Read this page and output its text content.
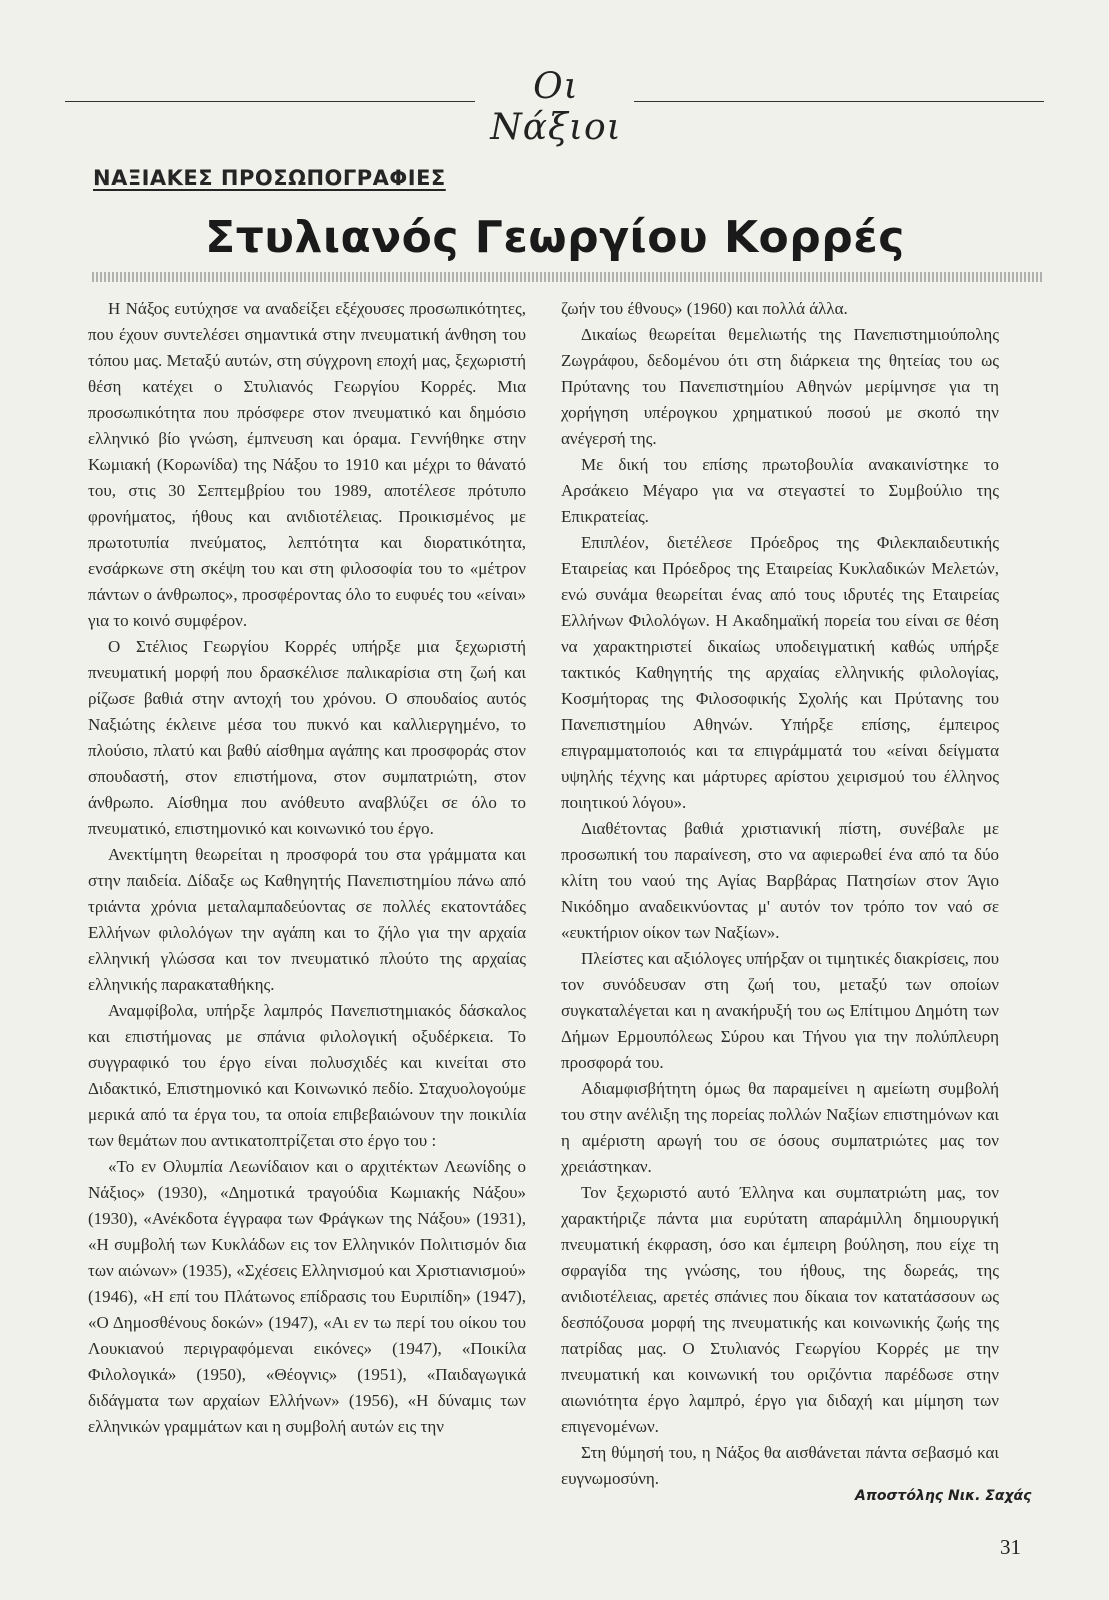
Οι Νάξιοι
ΝΑΞΙΑΚΕΣ ΠΡΟΣΩΠΟΓΡΑΦΙΕΣ
Στυλιανός Γεωργίου Κορρές

Η Νάξος ευτύχησε να αναδείξει εξέχουσες προσωπικότητες, που έχουν συντελέσει σημαντικά στην πνευματική άνθηση του τόπου μας. Μεταξύ αυτών, στη σύγχρονη εποχή μας, ξεχωριστή θέση κατέχει ο Στυλιανός Γεωργίου Κορρές. Μια προσωπικότητα που πρόσφερε στον πνευματικό και δημόσιο ελληνικό βίο γνώση, έμπνευση και όραμα. Γεννήθηκε στην Κωμιακή (Κορωνίδα) της Νάξου το 1910 και μέχρι το θάνατό του, στις 30 Σεπτεμβρίου του 1989, αποτέλεσε πρότυπο φρονήματος, ήθους και ανιδιοτέλειας. Προικισμένος με πρωτοτυπία πνεύματος, λεπτότητα και διορατικότητα, ενσάρκωνε στη σκέψη του και στη φιλοσοφία του το «μέτρον πάντων ο άνθρωπος», προσφέροντας όλο το ευφυές του «είναι» για το κοινό συμφέρον.

Ο Στέλιος Γεωργίου Κορρές υπήρξε μια ξεχωριστή πνευματική μορφή που δρασκέλισε παλικαρίσια στη ζωή και ρίζωσε βαθιά στην αντοχή του χρόνου. Ο σπουδαίος αυτός Ναξιώτης έκλεινε μέσα του πυκνό και καλλιεργημένο, το πλούσιο, πλατύ και βαθύ αίσθημα αγάπης και προσφοράς στον σπουδαστή, στον επιστήμονα, στον συμπατριώτη, στον άνθρωπο. Αίσθημα που ανόθευτο αναβλύζει σε όλο το πνευματικό, επιστημονικό και κοινωνικό του έργο.

Ανεκτίμητη θεωρείται η προσφορά του στα γράμματα και στην παιδεία. Δίδαξε ως Καθηγητής Πανεπιστημίου πάνω από τριάντα χρόνια μεταλαμπαδεύοντας σε πολλές εκατοντάδες Ελλήνων φιλολόγων την αγάπη και το ζήλο για την αρχαία ελληνική γλώσσα και τον πνευματικό πλούτο της αρχαίας ελληνικής παρακαταθήκης.

Αναμφίβολα, υπήρξε λαμπρός Πανεπιστημιακός δάσκαλος και επιστήμονας με σπάνια φιλολογική οξυδέρκεια. Το συγγραφικό του έργο είναι πολυσχιδές και κινείται στο Διδακτικό, Επιστημονικό και Κοινωνικό πεδίο. Σταχυολογούμε μερικά από τα έργα του, τα οποία επιβεβαιώνουν την ποικιλία των θεμάτων που αντικατοπτρίζεται στο έργο του :

«Το εν Ολυμπία Λεωνίδαιον και ο αρχιτέκτων Λεωνίδης ο Νάξιος» (1930), «Δημοτικά τραγούδια Κωμιακής Νάξου» (1930), «Ανέκδοτα έγγραφα των Φράγκων της Νάξου» (1931), «Η συμβολή των Κυκλάδων εις τον Ελληνικόν Πολιτισμόν δια των αιώνων» (1935), «Σχέσεις Ελληνισμού και Χριστιανισμού» (1946), «Η επί του Πλάτωνος επίδρασις του Ευριπίδη» (1947), «Ο Δημοσθένους δοκών» (1947), «Αι εν τω περί του οίκου του Λουκιανού περιγραφόμεναι εικόνες» (1947), «Ποικίλα Φιλολογικά» (1950), «Θέογνις» (1951), «Παιδαγωγικά διδάγματα των αρχαίων Ελλήνων» (1956), «Η δύναμις των ελληνικών γραμμάτων και η συμβολή αυτών εις την

ζωήν του έθνους» (1960) και πολλά άλλα.

Δικαίως θεωρείται θεμελιωτής της Πανεπιστημιούπολης Ζωγράφου, δεδομένου ότι στη διάρκεια της θητείας του ως Πρύτανης του Πανεπιστημίου Αθηνών μερίμνησε για τη χορήγηση υπέρογκου χρηματικού ποσού με σκοπό την ανέγερσή της.

Με δική του επίσης πρωτοβουλία ανακαινίστηκε το Αρσάκειο Μέγαρο για να στεγαστεί το Συμβούλιο της Επικρατείας.

Επιπλέον, διετέλεσε Πρόεδρος της Φιλεκπαιδευτικής Εταιρείας και Πρόεδρος της Εταιρείας Κυκλαδικών Μελετών, ενώ συνάμα θεωρείται ένας από τους ιδρυτές της Εταιρείας Ελλήνων Φιλολόγων. Η Ακαδημαϊκή πορεία του είναι σε θέση να χαρακτηριστεί δικαίως υποδειγματική καθώς υπήρξε τακτικός Καθηγητής της αρχαίας ελληνικής φιλολογίας, Κοσμήτορας της Φιλοσοφικής Σχολής και Πρύτανης του Πανεπιστημίου Αθηνών. Υπήρξε επίσης, έμπειρος επιγραμματοποιός και τα επιγράμματά του «είναι δείγματα υψηλής τέχνης και μάρτυρες αρίστου χειρισμού του έλληνος ποιητικού λόγου».

Διαθέτοντας βαθιά χριστιανική πίστη, συνέβαλε με προσωπική του παραίνεση, στο να αφιερωθεί ένα από τα δύο κλίτη του ναού της Αγίας Βαρβάρας Πατησίων στον Άγιο Νικόδημο αναδεικνύοντας μ' αυτόν τον τρόπο τον ναό σε «ευκτήριον οίκον των Ναξίων».

Πλείστες και αξιόλογες υπήρξαν οι τιμητικές διακρίσεις, που τον συνόδευσαν στη ζωή του, μεταξύ των οποίων συγκαταλέγεται και η ανακήρυξή του ως Επίτιμου Δημότη των Δήμων Ερμουπόλεως Σύρου και Τήνου για την πολύπλευρη προσφορά του.

Αδιαμφισβήτητη όμως θα παραμείνει η αμείωτη συμβολή του στην ανέλιξη της πορείας πολλών Ναξίων επιστημόνων και η αμέριστη αρωγή του σε όσους συμπατριώτες μας τον χρειάστηκαν.

Τον ξεχωριστό αυτό Έλληνα και συμπατριώτη μας, τον χαρακτήριζε πάντα μια ευρύτατη απαράμιλλη δημιουργική πνευματική έκφραση, όσο και έμπειρη βούληση, που είχε τη σφραγίδα της γνώσης, του ήθους, της δωρεάς, της ανιδιοτέλειας, αρετές σπάνιες που δίκαια τον κατατάσσουν ως δεσπόζουσα μορφή της πνευματικής και κοινωνικής ζωής της πατρίδας μας. Ο Στυλιανός Γεωργίου Κορρές με την πνευματική και κοινωνική του οριζόντια παρέδωσε στην αιωνιότητα έργο λαμπρό, έργο για διδαχή και μίμηση των επιγενομένων.

Στη θύμησή του, η Νάξος θα αισθάνεται πάντα σεβασμό και ευγνωμοσύνη.

Αποστόλης Νικ. Σαχάς
31
